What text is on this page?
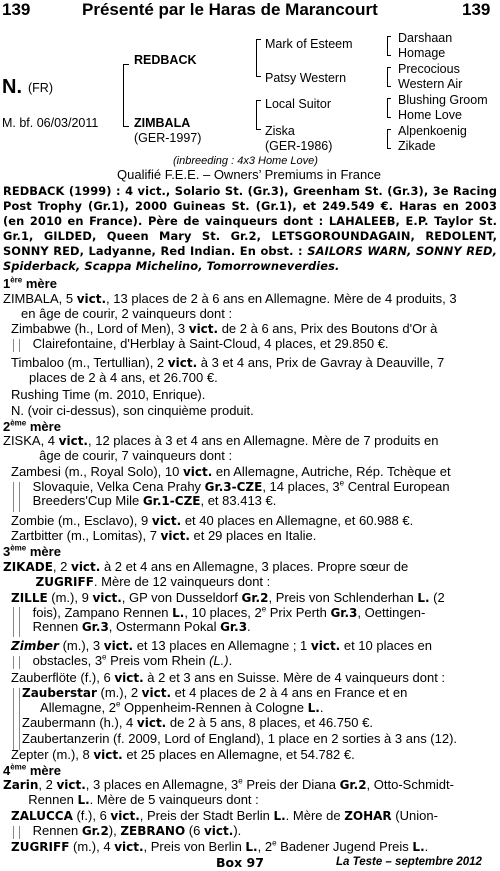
139	Présenté par le Haras de Marancourt	139
N. (FR)
M. bf. 06/03/2011
REDBACK
ZIMBALA
(GER-1997)
Mark of Esteem
Patsy Western
Local Suitor
Ziska
(GER-1986)
Darshaan
Homage
Precocious
Western Air
Blushing Groom
Home Love
Alpenkoenig
Zikade
(inbreeding : 4x3 Home Love)
Qualifié F.E.E. – Owners’ Premiums in France
REDBACK (1999) : 4 vict., Solario St. (Gr.3), Greenham St. (Gr.3), 3e Racing Post Trophy (Gr.1), 2000 Guineas St. (Gr.1), et 249.549 €. Haras en 2003 (en 2010 en France). Père de vainqueurs dont : LAHALEEB, E.P. Taylor St. Gr.1, GILDED, Queen Mary St. Gr.2, LETSGOROUNDAGAIN, REDOLENT, SONNY RED, Ladyanne, Red Indian. En obst. : SAILORS WARN, SONNY RED, Spiderback, Scappa Michelino, Tomorrowneverdies.
1ère mère
ZIMBALA, 5 vict., 13 places de 2 à 6 ans en Allemagne. Mère de 4 produits, 3
en âge de courir, 2 vainqueurs dont :
Zimbabwe (h., Lord of Men), 3 vict. de 2 à 6 ans, Prix des Boutons d'Or à
Clairefontaine, d'Herblay à Saint-Cloud, 4 places, et 29.850 €.
Timbaloo (m., Tertullian), 2 vict. à 3 et 4 ans, Prix de Gavray à Deauville, 7
places de 2 à 4 ans, et 26.700 €.
Rushing Time (m. 2010, Enrique).
N. (voir ci-dessus), son cinquième produit.
2ème mère
ZISKA, 4 vict., 12 places à 3 et 4 ans en Allemagne. Mère de 7 produits en
âge de courir, 7 vainqueurs dont :
Zambesi (m., Royal Solo), 10 vict. en Allemagne, Autriche, Rép. Tchèque et
Slovaquie, Velka Cena Prahy Gr.3-CZE, 14 places, 3e Central European
Breeders'Cup Mile Gr.1-CZE, et 83.413 €.
Zombie (m., Esclavo), 9 vict. et 40 places en Allemagne, et 60.988 €.
Zartbitter (m., Lomitas), 7 vict. et 29 places en Italie.
3ème mère
ZIKADE, 2 vict. à 2 et 4 ans en Allemagne, 3 places. Propre sœur de
ZUGRIFF. Mère de 12 vainqueurs dont :
ZILLE (m.), 9 vict., GP von Dusseldorf Gr.2, Preis von Schlenderhan L. (2
fois), Zampano Rennen L., 10 places, 2e Prix Perth Gr.3, Oettingen-
Rennen Gr.3, Ostermann Pokal Gr.3.
Zimber (m.), 3 vict. et 13 places en Allemagne ; 1 vict. et 10 places en
obstacles, 3e Preis vom Rhein (L.).
Zauberflöte (f.), 6 vict. à 2 et 3 ans en Suisse. Mère de 4 vainqueurs dont :
Zauberstar (m.), 2 vict. et 4 places de 2 à 4 ans en France et en
Allemagne, 2e Oppenheim-Rennen à Cologne L..
Zaubermann (h.), 4 vict. de 2 à 5 ans, 8 places, et 46.750 €.
Zaubertanzerin (f. 2009, Lord of England), 1 place en 2 sorties à 3 ans (12).
Zepter (m.), 8 vict. et 25 places en Allemagne, et 54.782 €.
4ème mère
Zarin, 2 vict., 3 places en Allemagne, 3e Preis der Diana Gr.2, Otto-Schmidt-
Rennen L.. Mère de 5 vainqueurs dont :
ZALUCCA (f.), 6 vict., Preis der Stadt Berlin L.. Mère de ZOHAR (Union-
Rennen Gr.2), ZEBRANO (6 vict.).
ZUGRIFF (m.), 4 vict., Preis von Berlin L., 2e Badener Jugend Preis L..
Box 97	La Teste – septembre 2012
